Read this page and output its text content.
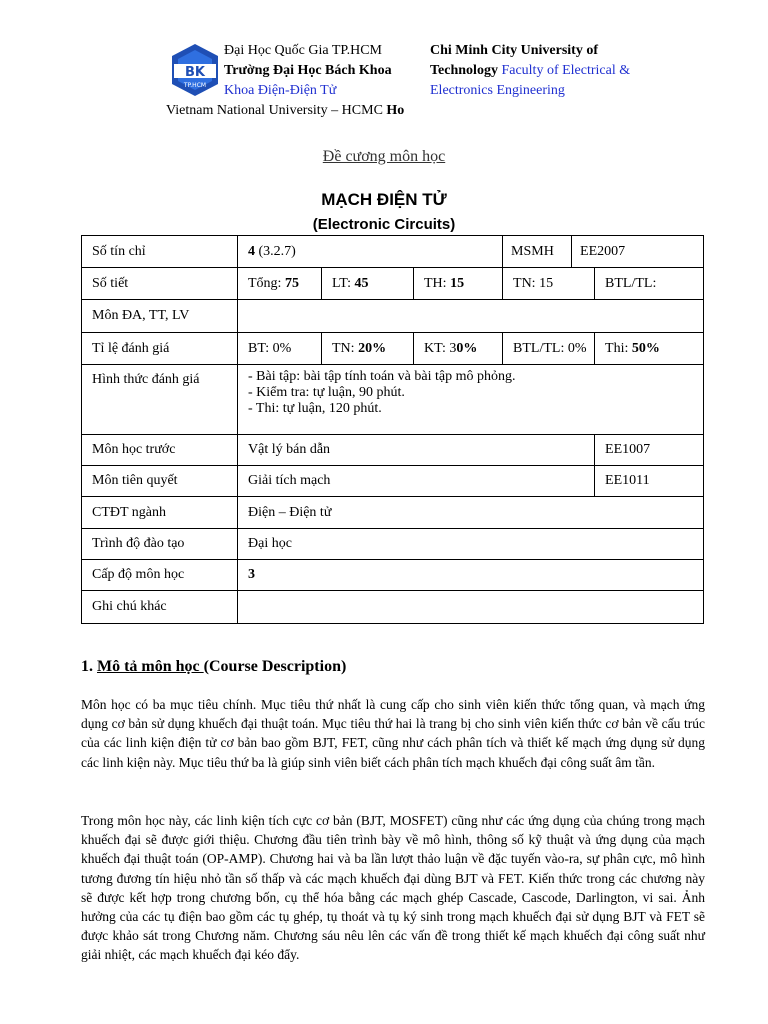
BK
TP.HCM
Đại Học Quốc Gia TP.HCM
Trường Đại Học Bách Khoa
Khoa Điện-Điện Tử
Vietnam National University – HCMC Ho
Chi Minh City University of
Technology Faculty of Electrical &
Electronics Engineering
Đề cương môn học
MẠCH ĐIỆN TỬ
(Electronic Circuits)
Số tín chỉ	4 (3.2.7)			MSMH EE2007	

Số tiết	Tổng: 75	LT: 45	TH: 15	TN: 15	BTL/TL:
Môn ĐA, TT, LV					
Tỉ lệ đánh giá	BT: 0%	TN: 20%	KT: 30%	BTL/TL: 0%	Thi: 50%
Hình thức đánh giá	- Bài tập: bài tập tính toán và bài tập mô phỏng.
- Kiểm tra: tự luận, 90 phút.
- Thi: tự luận, 120 phút.				

Môn học trước	Vật lý bán dẫn				EE1007
Môn tiên quyết	Giải tích mạch				EE1011
CTĐT ngành	Điện – Điện tử				
Trình độ đào tạo	Đại học				
Cấp độ môn học	3				
Ghi chú khác					
1. Mô tả môn học (Course Description)

Môn học có ba mục tiêu chính. Mục tiêu thứ nhất là cung cấp cho sinh viên kiến thức tổng quan, và mạch ứng dụng cơ bản sử dụng khuếch đại thuật toán. Mục tiêu thứ hai là trang bị cho sinh viên kiến thức cơ bản về cấu trúc của các linh kiện điện tử cơ bản bao gồm BJT, FET, cũng như cách phân tích và thiết kế mạch ứng dụng sử dụng các linh kiện này. Mục tiêu thứ ba là giúp sinh viên biết cách phân tích mạch khuếch đại công suất âm tần.

Trong môn học này, các linh kiện tích cực cơ bản (BJT, MOSFET) cũng như các ứng dụng của chúng trong mạch khuếch đại sẽ được giới thiệu. Chương đầu tiên trình bày về mô hình, thông số kỹ thuật và ứng dụng của mạch khuếch đại thuật toán (OP-AMP). Chương hai và ba lần lượt thảo luận về đặc tuyến vào-ra, sự phân cực, mô hình tương đương tín hiệu nhỏ tần số thấp và các mạch khuếch đại dùng BJT và FET. Kiến thức trong các chương này sẽ được kết hợp trong chương bốn, cụ thể hóa bằng các mạch ghép Cascade, Cascode, Darlington, vi sai. Ảnh hưởng của các tụ điện bao gồm các tụ ghép, tụ thoát và tụ ký sinh trong mạch khuếch đại sử dụng BJT và FET sẽ được khảo sát trong Chương năm. Chương sáu nêu lên các vấn đề trong thiết kế mạch khuếch đại công suất như giải nhiệt, các mạch khuếch đại kéo đẩy.
